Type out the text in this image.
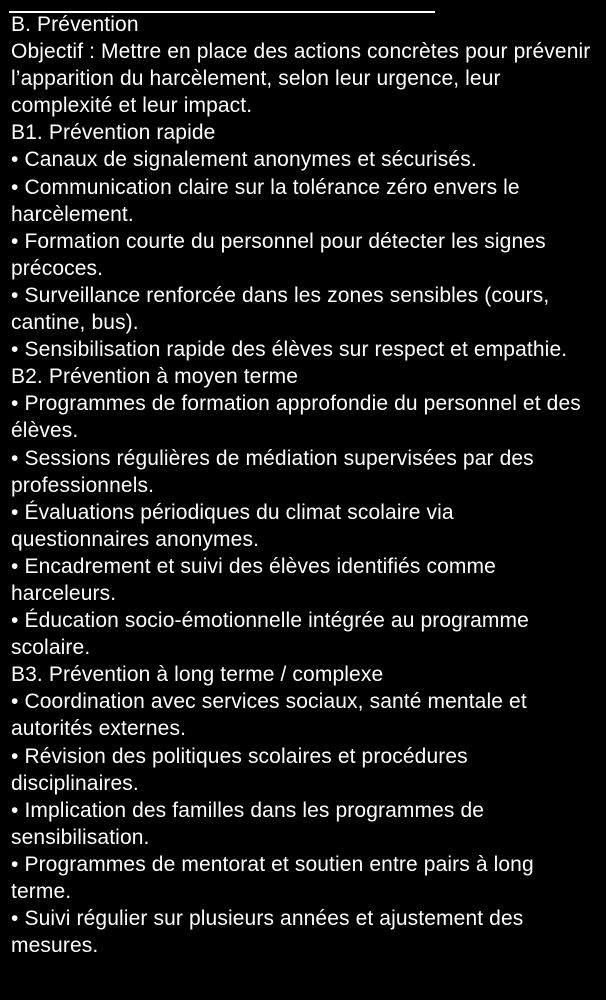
B. Prévention
Objectif : Mettre en place des actions concrètes pour prévenir l’apparition du harcèlement, selon leur urgence, leur complexité et leur impact.
B1. Prévention rapide
• Canaux de signalement anonymes et sécurisés.
• Communication claire sur la tolérance zéro envers le harcèlement.
• Formation courte du personnel pour détecter les signes précoces.
• Surveillance renforcée dans les zones sensibles (cours, cantine, bus).
• Sensibilisation rapide des élèves sur respect et empathie.
B2. Prévention à moyen terme
• Programmes de formation approfondie du personnel et des élèves.
• Sessions régulières de médiation supervisées par des professionnels.
• Évaluations périodiques du climat scolaire via questionnaires anonymes.
• Encadrement et suivi des élèves identifiés comme harceleurs.
• Éducation socio-émotionnelle intégrée au programme scolaire.
B3. Prévention à long terme / complexe
• Coordination avec services sociaux, santé mentale et autorités externes.
• Révision des politiques scolaires et procédures disciplinaires.
• Implication des familles dans les programmes de sensibilisation.
• Programmes de mentorat et soutien entre pairs à long terme.
• Suivi régulier sur plusieurs années et ajustement des mesures.
